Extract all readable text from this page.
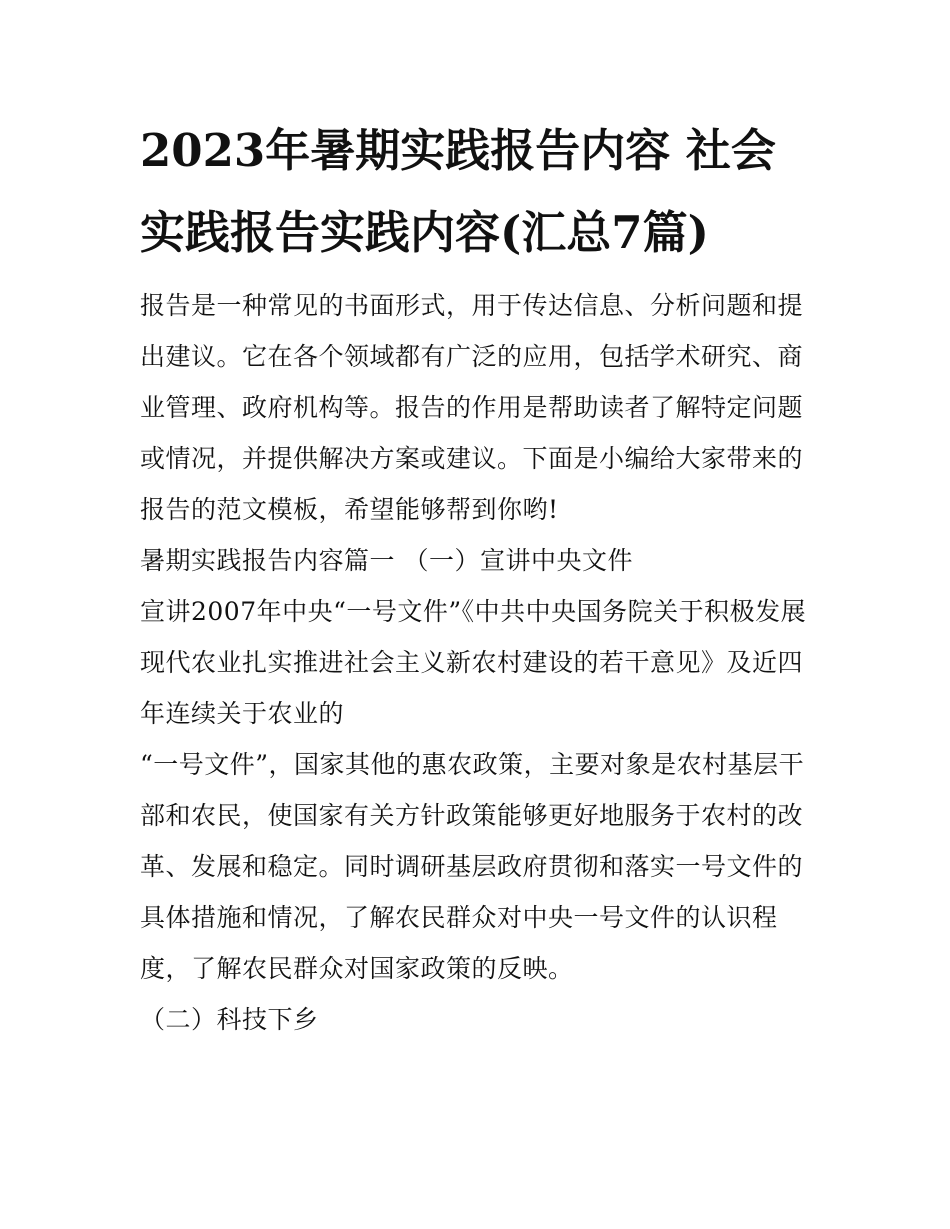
2023年暑期实践报告内容 社会实践报告实践内容(汇总7篇)

报告是一种常见的书面形式，用于传达信息、分析问题和提出建议。它在各个领域都有广泛的应用，包括学术研究、商业管理、政府机构等。报告的作用是帮助读者了解特定问题或情况，并提供解决方案或建议。下面是小编给大家带来的报告的范文模板，希望能够帮到你哟!

暑期实践报告内容篇一 （一）宣讲中央文件

宣讲2007年中央“一号文件”《中共中央国务院关于积极发展现代农业扎实推进社会主义新农村建设的若干意见》及近四年连续关于农业的

“一号文件”，国家其他的惠农政策，主要对象是农村基层干部和农民，使国家有关方针政策能够更好地服务于农村的改革、发展和稳定。同时调研基层政府贯彻和落实一号文件的具体措施和情况，了解农民群众对中央一号文件的认识程度，了解农民群众对国家政策的反映。

（二）科技下乡
